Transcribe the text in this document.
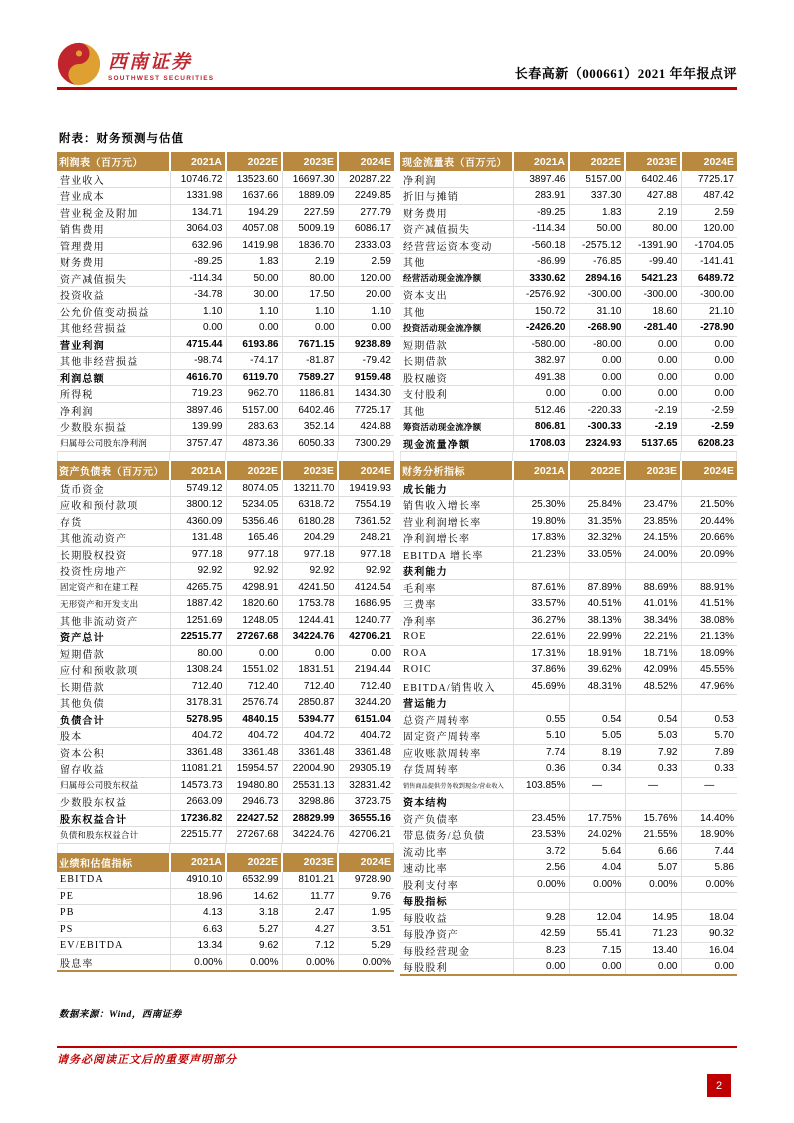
西南证券
SOUTHWEST SECURITIES	长春高新（000661）2021 年年报点评
附表：财务预测与估值
利润表（百万元）	2021A	2022E	2023E	2024E
营业收入	10746.72	13523.60	16697.30	20287.22
营业成本	1331.98	1637.66	1889.09	2249.85
营业税金及附加	134.71	194.29	227.59	277.79
销售费用	3064.03	4057.08	5009.19	6086.17
管理费用	632.96	1419.98	1836.70	2333.03
财务费用	-89.25	1.83	2.19	2.59
资产减值损失	-114.34	50.00	80.00	120.00
投资收益	-34.78	30.00	17.50	20.00
公允价值变动损益	1.10	1.10	1.10	1.10
其他经营损益	0.00	0.00	0.00	0.00
营业利润	4715.44	6193.86	7671.15	9238.89
其他非经营损益	-98.74	-74.17	-81.87	-79.42
利润总额	4616.70	6119.70	7589.27	9159.48
所得税	719.23	962.70	1186.81	1434.30
净利润	3897.46	5157.00	6402.46	7725.17
少数股东损益	139.99	283.63	352.14	424.88
归属母公司股东净利润	3757.47	4873.36	6050.33	7300.29
资产负债表（百万元）	2021A	2022E	2023E	2024E
货币资金	5749.12	8074.05	13211.70	19419.93
应收和预付款项	3800.12	5234.05	6318.72	7554.19
存货	4360.09	5356.46	6180.28	7361.52
其他流动资产	131.48	165.46	204.29	248.21
长期股权投资	977.18	977.18	977.18	977.18
投资性房地产	92.92	92.92	92.92	92.92
固定资产和在建工程	4265.75	4298.91	4241.50	4124.54
无形资产和开发支出	1887.42	1820.60	1753.78	1686.95
其他非流动资产	1251.69	1248.05	1244.41	1240.77
资产总计	22515.77	27267.68	34224.76	42706.21
短期借款	80.00	0.00	0.00	0.00
应付和预收款项	1308.24	1551.02	1831.51	2194.44
长期借款	712.40	712.40	712.40	712.40
其他负债	3178.31	2576.74	2850.87	3244.20
负债合计	5278.95	4840.15	5394.77	6151.04
股本	404.72	404.72	404.72	404.72
资本公积	3361.48	3361.48	3361.48	3361.48
留存收益	11081.21	15954.57	22004.90	29305.19
归属母公司股东权益	14573.73	19480.80	25531.13	32831.42
少数股东权益	2663.09	2946.73	3298.86	3723.75
股东权益合计	17236.82	22427.52	28829.99	36555.16
负债和股东权益合计	22515.77	27267.68	34224.76	42706.21
业绩和估值指标	2021A	2022E	2023E	2024E
EBITDA	4910.10	6532.99	8101.21	9728.90
PE	18.96	14.62	11.77	9.76
PB	4.13	3.18	2.47	1.95
PS	6.63	5.27	4.27	3.51
EV/EBITDA	13.34	9.62	7.12	5.29
股息率	0.00%	0.00%	0.00%	0.00%
现金流量表（百万元）	2021A	2022E	2023E	2024E
净利润	3897.46	5157.00	6402.46	7725.17
折旧与摊销	283.91	337.30	427.88	487.42
财务费用	-89.25	1.83	2.19	2.59
资产减值损失	-114.34	50.00	80.00	120.00
经营营运资本变动	-560.18	-2575.12	-1391.90	-1704.05
其他	-86.99	-76.85	-99.40	-141.41
经营活动现金流净额	3330.62	2894.16	5421.23	6489.72
资本支出	-2576.92	-300.00	-300.00	-300.00
其他	150.72	31.10	18.60	21.10
投资活动现金流净额	-2426.20	-268.90	-281.40	-278.90
短期借款	-580.00	-80.00	0.00	0.00
长期借款	382.97	0.00	0.00	0.00
股权融资	491.38	0.00	0.00	0.00
支付股利	0.00	0.00	0.00	0.00
其他	512.46	-220.33	-2.19	-2.59
筹资活动现金流净额	806.81	-300.33	-2.19	-2.59
现金流量净额	1708.03	2324.93	5137.65	6208.23
财务分析指标	2021A	2022E	2023E	2024E
成长能力				
销售收入增长率	25.30%	25.84%	23.47%	21.50%
营业利润增长率	19.80%	31.35%	23.85%	20.44%
净利润增长率	17.83%	32.32%	24.15%	20.66%
EBITDA 增长率	21.23%	33.05%	24.00%	20.09%
获利能力				
毛利率	87.61%	87.89%	88.69%	88.91%
三费率	33.57%	40.51%	41.01%	41.51%
净利率	36.27%	38.13%	38.34%	38.08%
ROE	22.61%	22.99%	22.21%	21.13%
ROA	17.31%	18.91%	18.71%	18.09%
ROIC	37.86%	39.62%	42.09%	45.55%
EBITDA/销售收入	45.69%	48.31%	48.52%	47.96%
营运能力				
总资产周转率	0.55	0.54	0.54	0.53
固定资产周转率	5.10	5.05	5.03	5.70
应收账款周转率	7.74	8.19	7.92	7.89
存货周转率	0.36	0.34	0.33	0.33
销售商品提供劳务收到现金/营业收入	103.85%	—	—	—
资本结构				
资产负债率	23.45%	17.75%	15.76%	14.40%
带息债务/总负债	23.53%	24.02%	21.55%	18.90%
流动比率	3.72	5.64	6.66	7.44
速动比率	2.56	4.04	5.07	5.86
股利支付率	0.00%	0.00%	0.00%	0.00%
每股指标				
每股收益	9.28	12.04	14.95	18.04
每股净资产	42.59	55.41	71.23	90.32
每股经营现金	8.23	7.15	13.40	16.04
每股股利	0.00	0.00	0.00	0.00
数据来源：Wind，西南证券
请务必阅读正文后的重要声明部分
2
